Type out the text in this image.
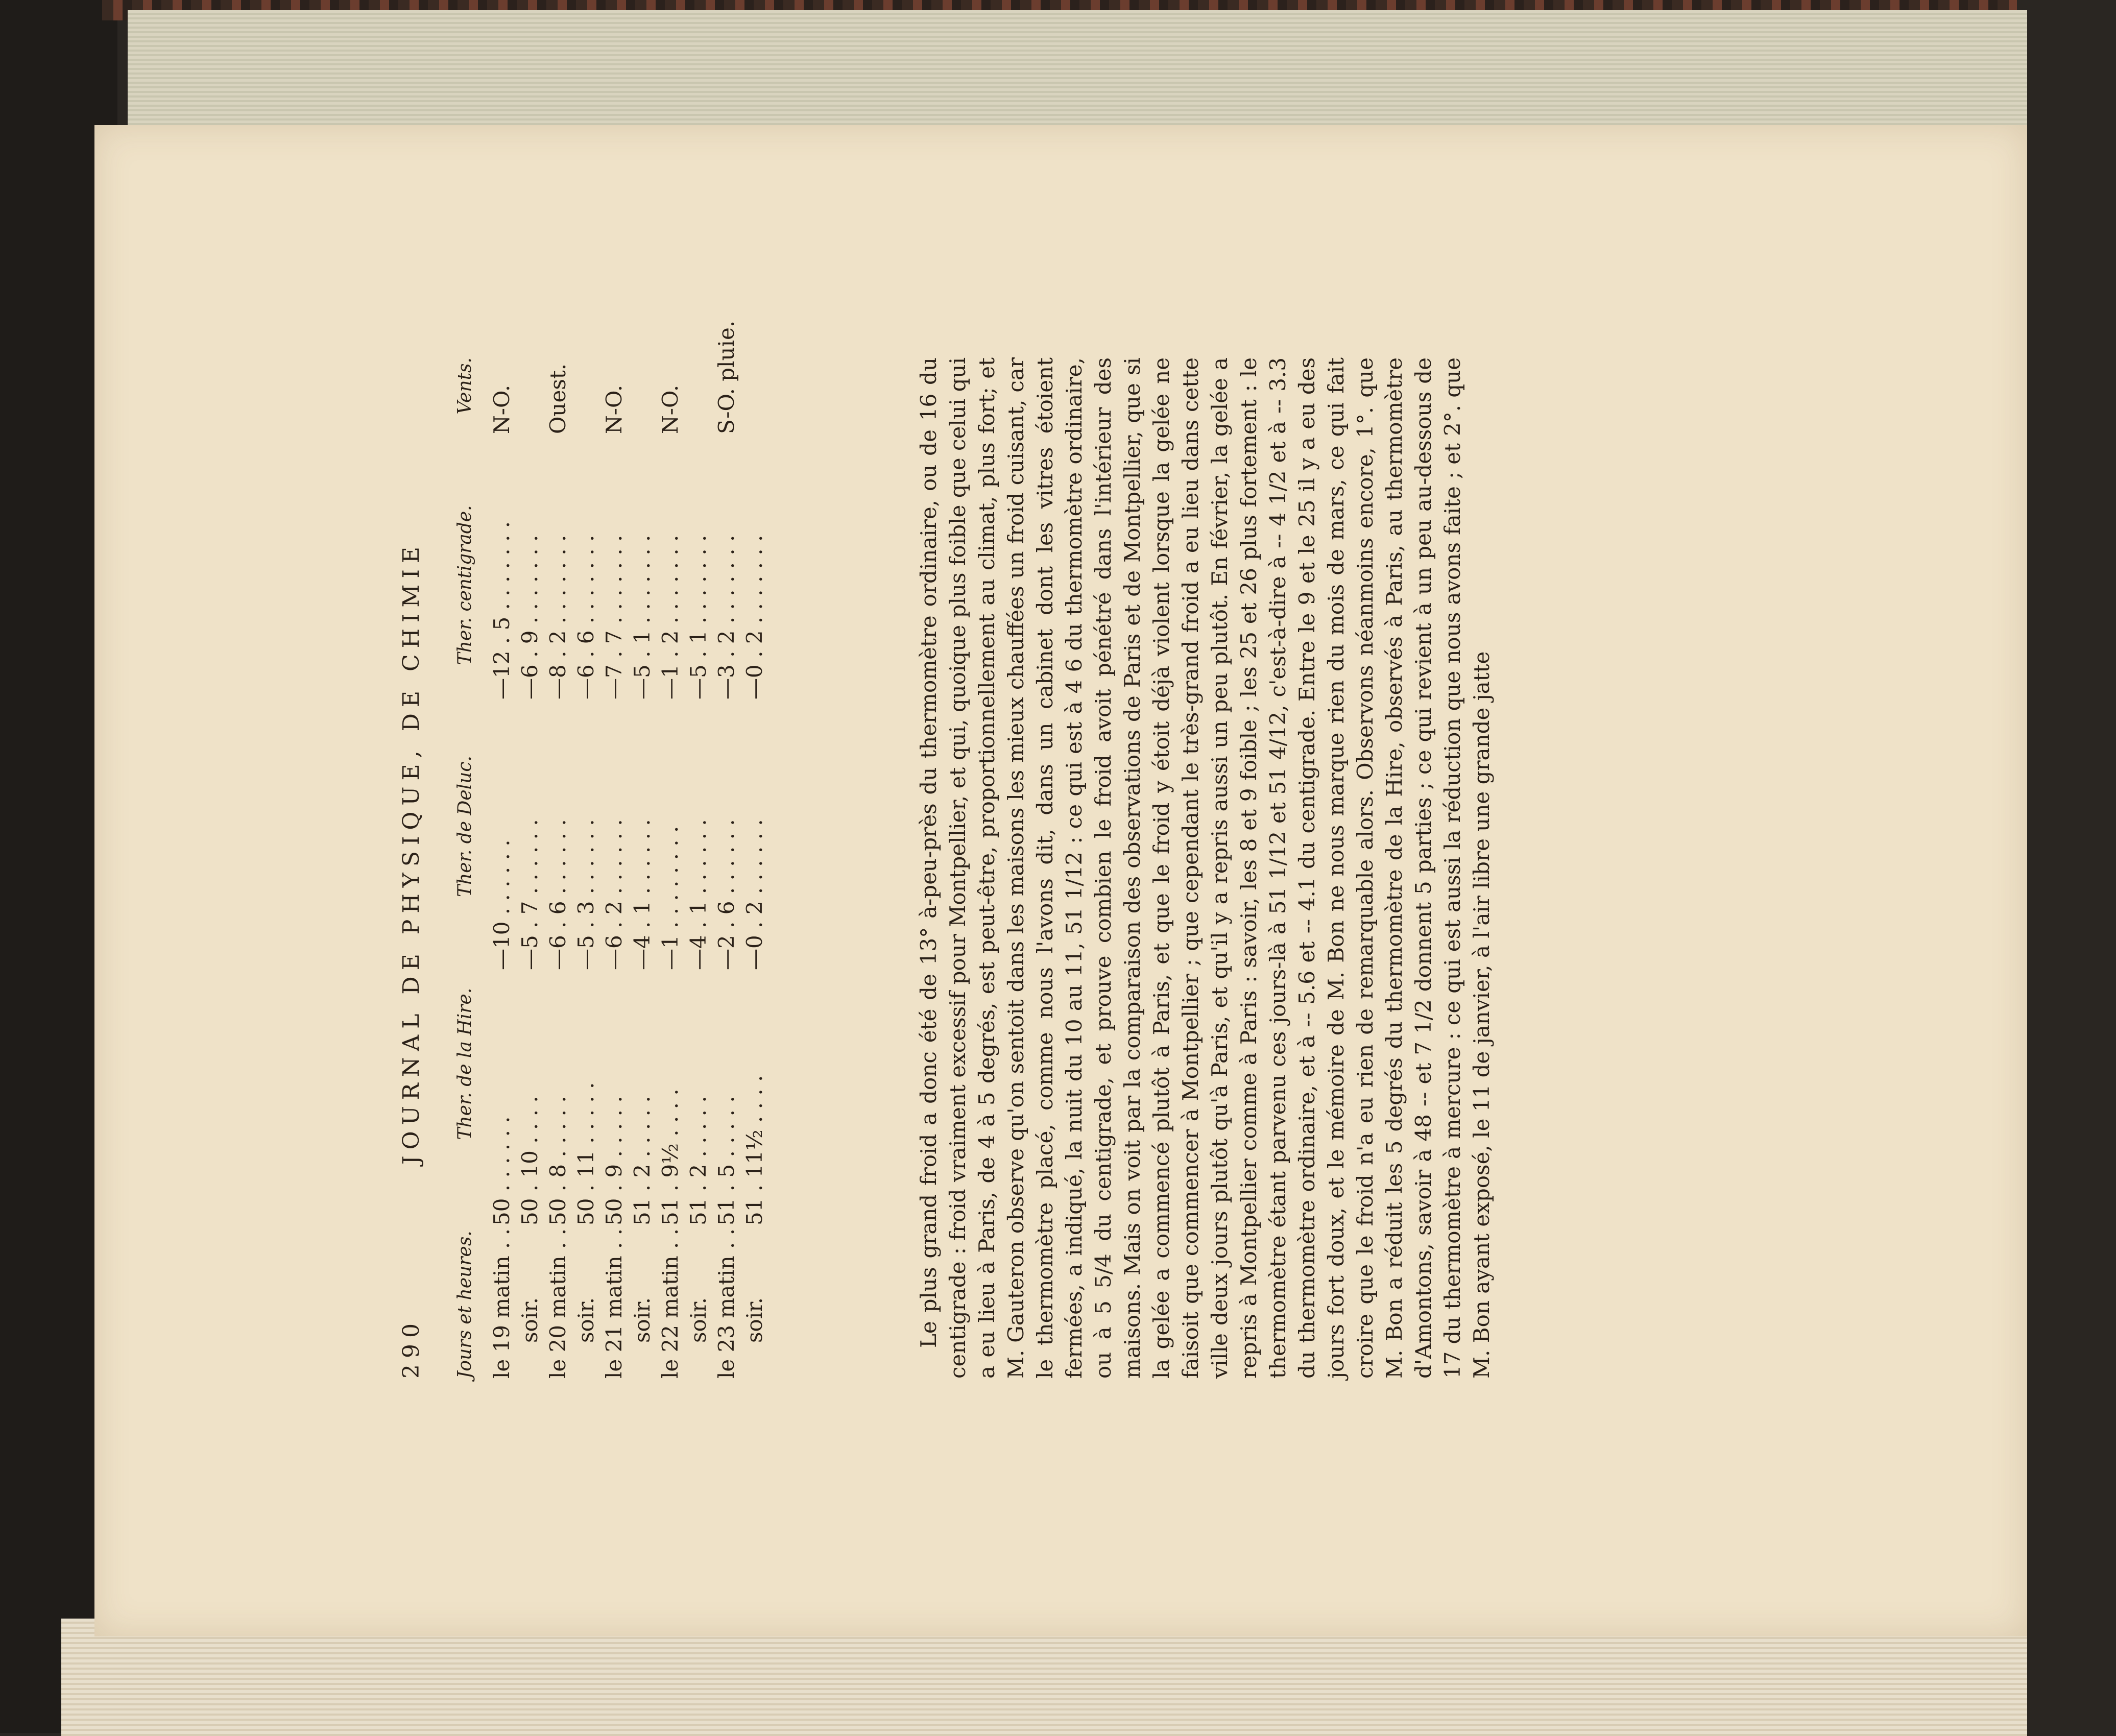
290
JOURNAL DE PHYSIQUE, DE CHIMIE
Jours et heures.
Ther. de la Hire.
Ther. de Deluc.
Ther. centigrade.
Vents.
le 19 matin . .
50 . . . . . .
—10 . . . . . .
—12 . 5 . . . . . . .
N-O.
soir.
50 . 10 . . . .
—5 . 7 . . . . . .
—6 . 9 . . . . . . .
le 20 matin . .
50 . 8 . . . . .
—6 . 6 . . . . . .
—8 . 2 . . . . . . .
Ouest.
soir.
50 . 11 . . . . .
—5 . 3 . . . . . .
—6 . 6 . . . . . . .
le 21 matin . .
50 . 9 . . . . .
—6 . 2 . . . . . .
—7 . 7 . . . . . . .
N-O.
soir.
51 . 2 . . . . .
—4 . 1 . . . . . .
—5 . 1 . . . . . . .
le 22 matin . .
51 . 9½ . . . .
—1 . . . . . . . .
—1 . 2 . . . . . . .
N-O.
soir.
51 . 2 . . . . .
—4 . 1 . . . . . .
—5 . 1 . . . . . . .
le 23 matin . .
51 . 5 . . . . .
—2 . 6 . . . . . .
—3 . 2 . . . . . . .
S-O. pluie.
soir.
51 . 11½ . . . .
—0 . 2 . . . . . .
—0 . 2 . . . . . . .	Le plus grand froid a donc été de 13° à-peu-près du thermomètre ordinaire, ou de 16 du centigrade : froid vraiment excessif pour Montpellier, et qui, quoique plus foible que celui qui a eu lieu à Paris, de 4 à 5 degrés, est peut-être, proportionnellement au climat, plus fort; et M. Gauteron observe qu'on sentoit dans les maisons les mieux chauffées un froid cuisant, car le thermomètre placé, comme nous l'avons dit, dans un cabinet dont les vitres étoient fermées, a indiqué, la nuit du 10 au 11, 51 1/12 : ce qui est à 4 6 du thermomètre ordinaire, ou à 5 5/4 du centigrade, et prouve combien le froid avoit pénétré dans l'intérieur des maisons. Mais on voit par la comparaison des observations de Paris et de Montpellier, que si la gelée a commencé plutôt à Paris, et que le froid y étoit déjà violent lorsque la gelée ne faisoit que commencer à Montpellier ; que cependant le très-grand froid a eu lieu dans cette ville deux jours plutôt qu'à Paris, et qu'il y a repris aussi un peu plutôt. En février, la gelée a repris à Montpellier comme à Paris : savoir, les 8 et 9 foible ; les 25 et 26 plus fortement : le thermomètre étant parvenu ces jours-là à 51 1/12 et 51 4/12, c'est-à-dire à -- 4 1/2 et à -- 3.3 du thermomètre ordinaire, et à -- 5.6 et -- 4.1 du centigrade. Entre le 9 et le 25 il y a eu des jours fort doux, et le mémoire de M. Bon ne nous marque rien du mois de mars, ce qui fait croire que le froid n'a eu rien de remarquable alors. Observons néanmoins encore, 1°. que M. Bon a réduit les 5 degrés du thermomètre de la Hire, observés à Paris, au thermomètre d'Amontons, savoir à 48 -- et 7 1/2 donnent 5 parties ; ce qui revient à un peu au-dessous de 17 du thermomètre à mercure : ce qui est aussi la réduction que nous avons faite ; et 2°. que M. Bon ayant exposé, le 11 de janvier, à l'air libre une grande jatte
